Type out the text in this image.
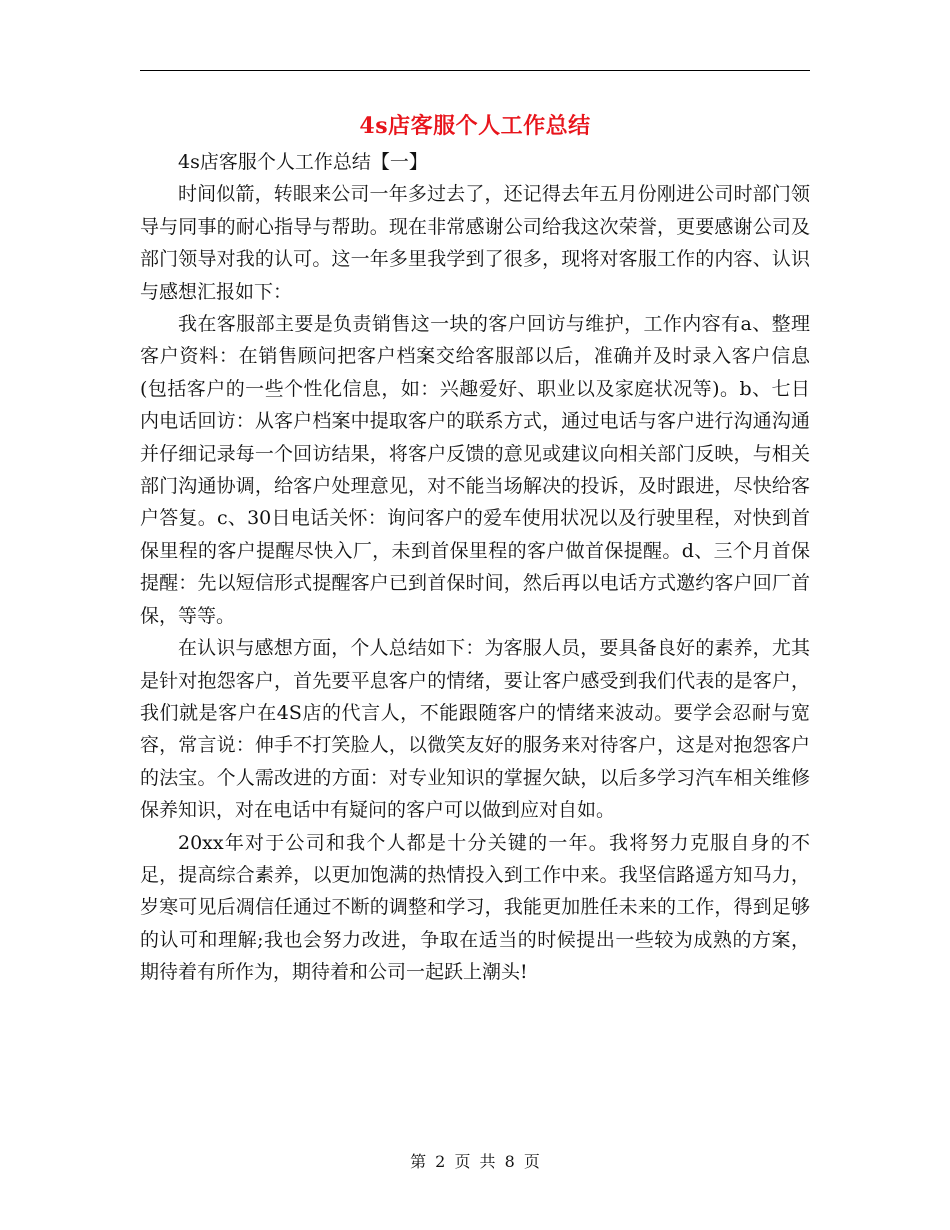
4s店客服个人工作总结

4s店客服个人工作总结【一】

时间似箭，转眼来公司一年多过去了，还记得去年五月份刚进公司时部门领导与同事的耐心指导与帮助。现在非常感谢公司给我这次荣誉，更要感谢公司及部门领导对我的认可。这一年多里我学到了很多，现将对客服工作的内容、认识与感想汇报如下：

我在客服部主要是负责销售这一块的客户回访与维护，工作内容有a、整理客户资料：在销售顾问把客户档案交给客服部以后，准确并及时录入客户信息(包括客户的一些个性化信息，如：兴趣爱好、职业以及家庭状况等)。b、七日内电话回访：从客户档案中提取客户的联系方式，通过电话与客户进行沟通沟通并仔细记录每一个回访结果，将客户反馈的意见或建议向相关部门反映，与相关部门沟通协调，给客户处理意见，对不能当场解决的投诉，及时跟进，尽快给客户答复。c、30日电话关怀：询问客户的爱车使用状况以及行驶里程，对快到首保里程的客户提醒尽快入厂，未到首保里程的客户做首保提醒。d、三个月首保提醒：先以短信形式提醒客户已到首保时间，然后再以电话方式邀约客户回厂首保，等等。

在认识与感想方面，个人总结如下：为客服人员，要具备良好的素养，尤其是针对抱怨客户，首先要平息客户的情绪，要让客户感受到我们代表的是客户，我们就是客户在4S店的代言人，不能跟随客户的情绪来波动。要学会忍耐与宽容，常言说：伸手不打笑脸人，以微笑友好的服务来对待客户，这是对抱怨客户的法宝。个人需改进的方面：对专业知识的掌握欠缺，以后多学习汽车相关维修保养知识，对在电话中有疑问的客户可以做到应对自如。

20xx年对于公司和我个人都是十分关键的一年。我将努力克服自身的不足，提高综合素养，以更加饱满的热情投入到工作中来。我坚信路遥方知马力，岁寒可见后凋信任通过不断的调整和学习，我能更加胜任未来的工作，得到足够的认可和理解;我也会努力改进，争取在适当的时候提出一些较为成熟的方案，期待着有所作为，期待着和公司一起跃上潮头!

第 2 页 共 8 页
